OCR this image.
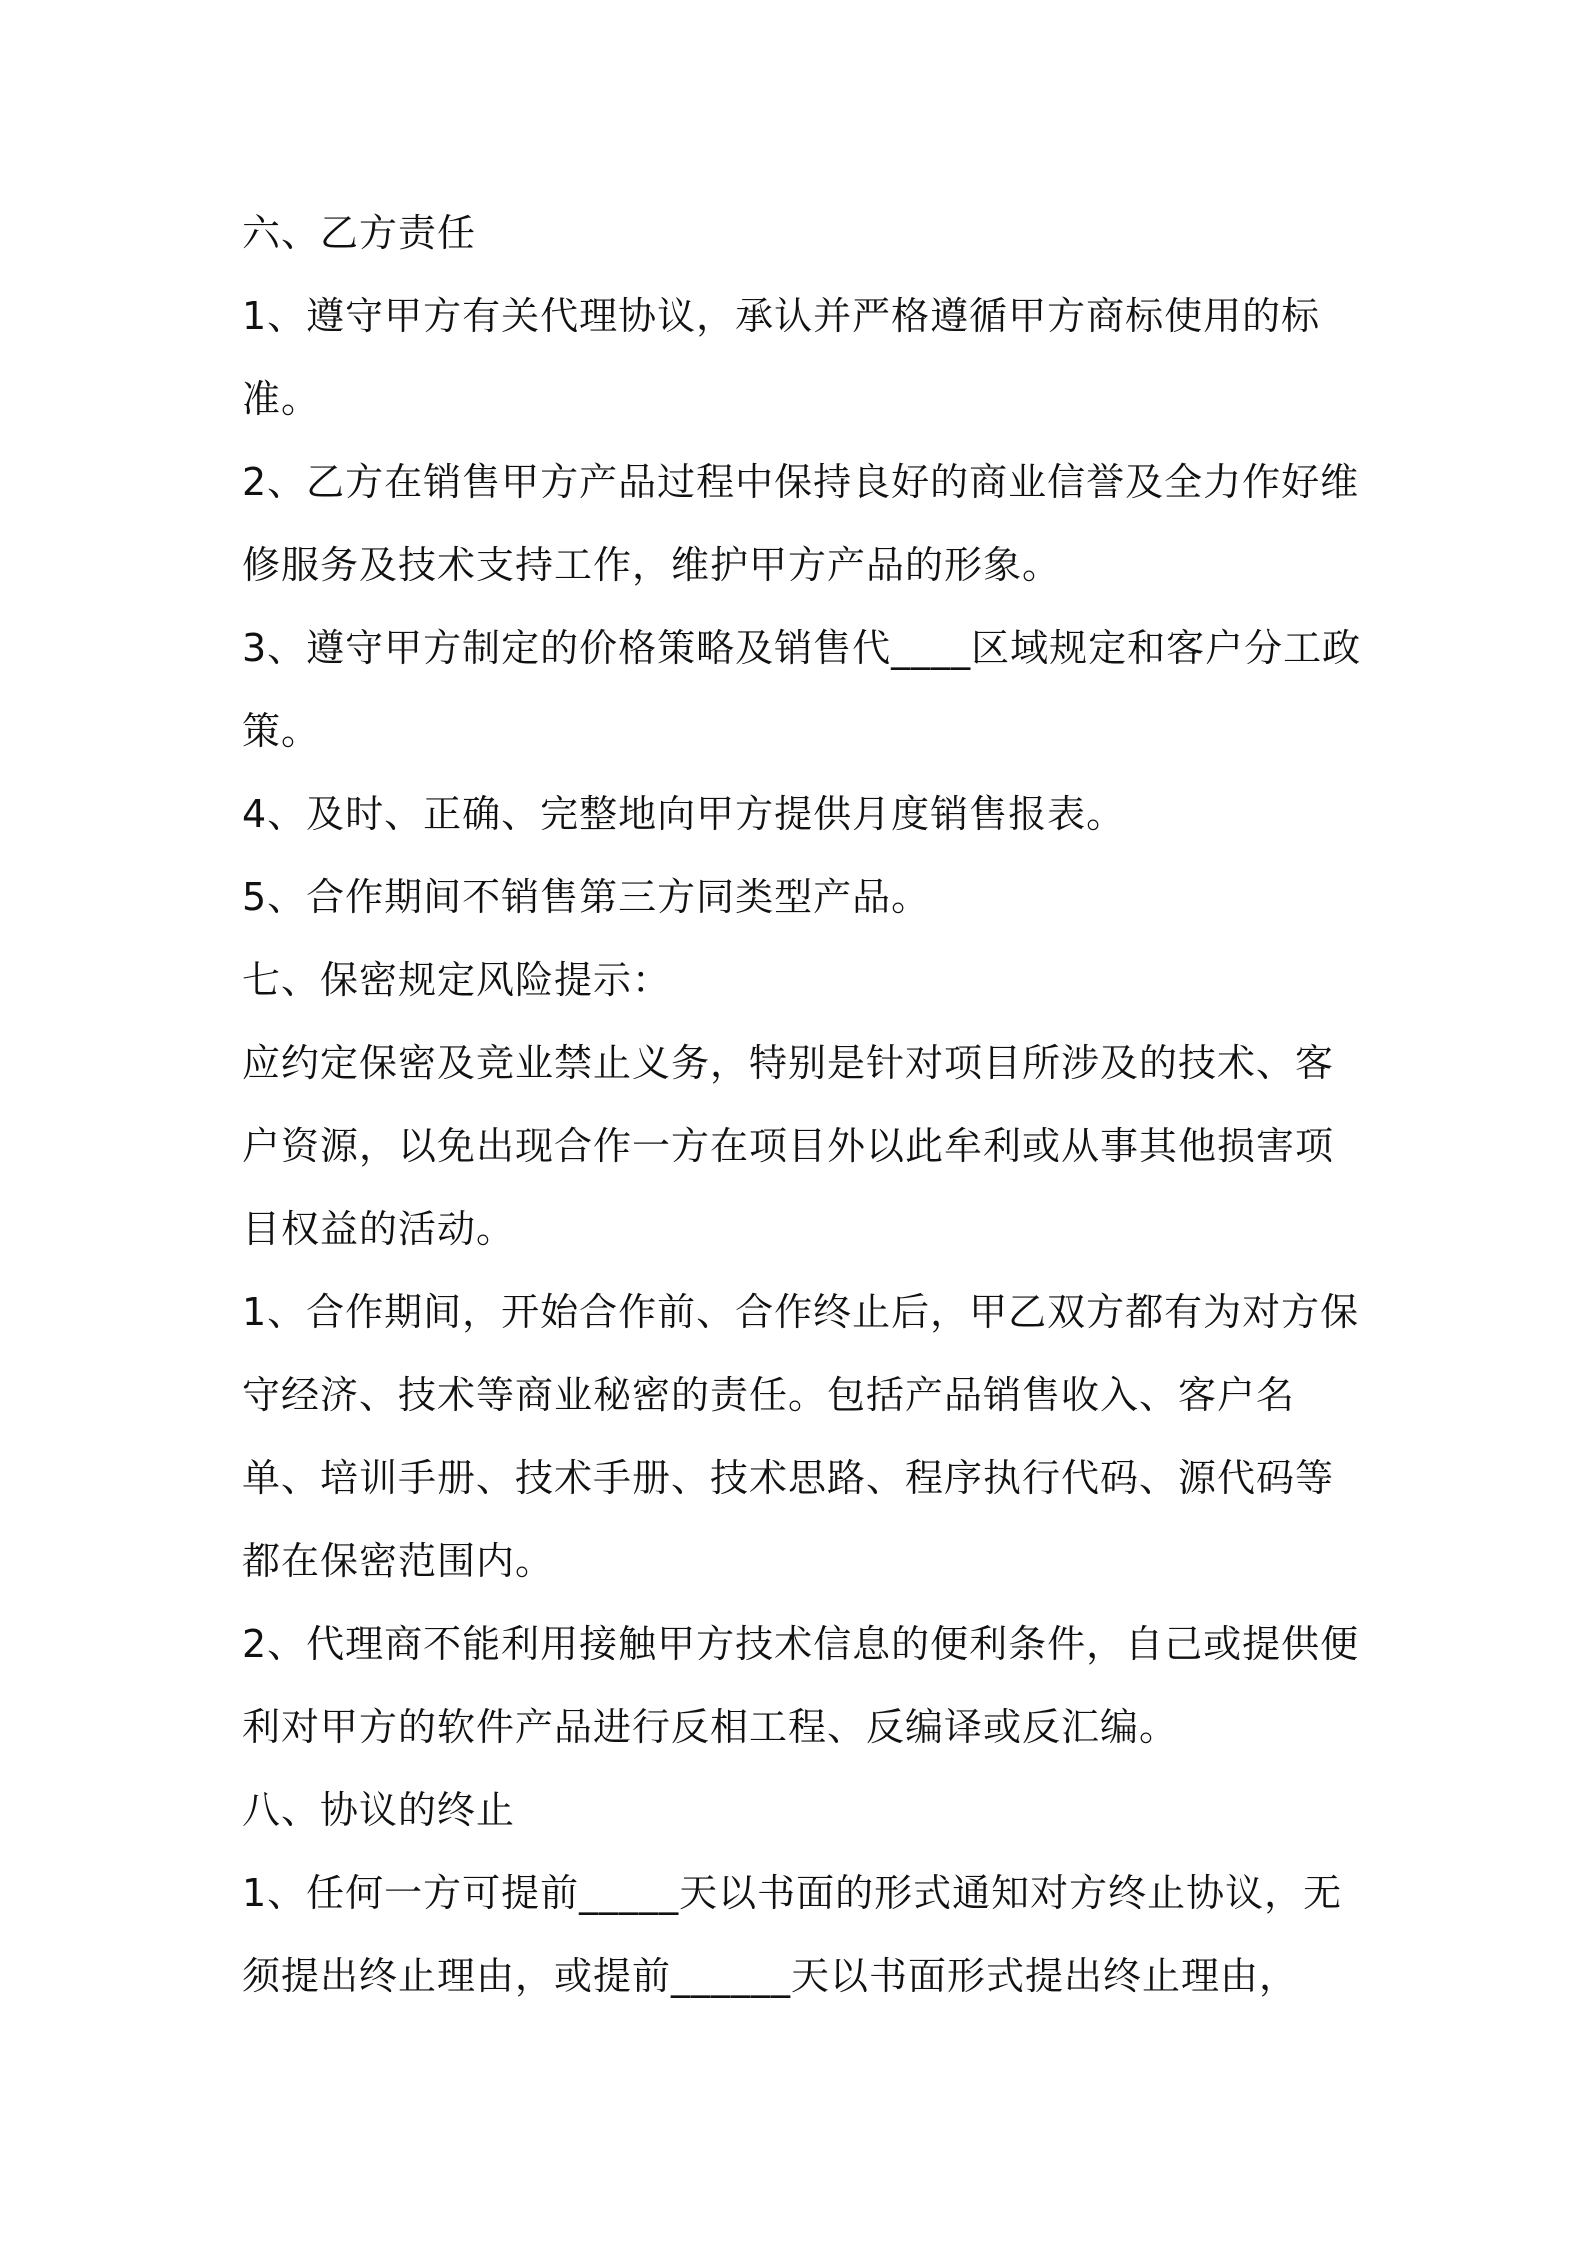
六、乙方责任

1、遵守甲方有关代理协议，承认并严格遵循甲方商标使用的标准。

2、乙方在销售甲方产品过程中保持良好的商业信誉及全力作好维修服务及技术支持工作，维护甲方产品的形象。

3、遵守甲方制定的价格策略及销售代____区域规定和客户分工政策。

4、及时、正确、完整地向甲方提供月度销售报表。

5、合作期间不销售第三方同类型产品。

七、保密规定风险提示：

应约定保密及竞业禁止义务，特别是针对项目所涉及的技术、客户资源，以免出现合作一方在项目外以此牟利或从事其他损害项目权益的活动。

1、合作期间，开始合作前、合作终止后，甲乙双方都有为对方保守经济、技术等商业秘密的责任。包括产品销售收入、客户名单、培训手册、技术手册、技术思路、程序执行代码、源代码等都在保密范围内。

2、代理商不能利用接触甲方技术信息的便利条件，自己或提供便利对甲方的软件产品进行反相工程、反编译或反汇编。

八、协议的终止

1、任何一方可提前_____天以书面的形式通知对方终止协议，无须提出终止理由，或提前______天以书面形式提出终止理由，
